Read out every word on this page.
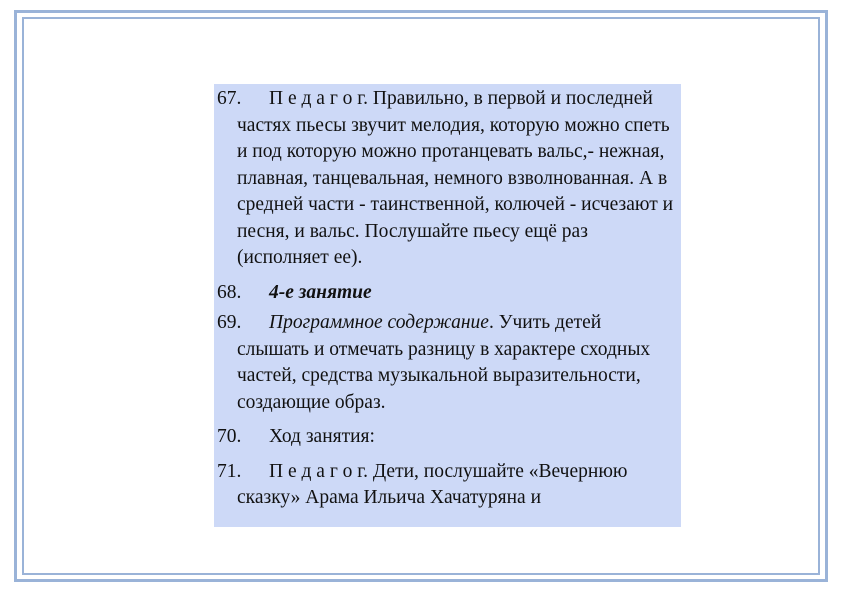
67. П е д а г о г. Правильно, в первой и последней частях пьесы звучит мелодия, которую можно спеть и под которую можно протанцевать вальс,- нежная, плавная, танцевальная, немного взволнованная. А в средней части - таинственной, колючей - исчезают и песня, и вальс. Послушайте пьесу ещё раз (исполняет ее).
68. 4-е занятие
69. Программное содержание. Учить детей слышать и отмечать разницу в характере сходных частей, средства музыкальной выразительности, создающие образ.
70. Ход занятия:
71. П е д а г о г. Дети, послушайте «Вечернюю сказку» Арама Ильича Хачатуряна и
